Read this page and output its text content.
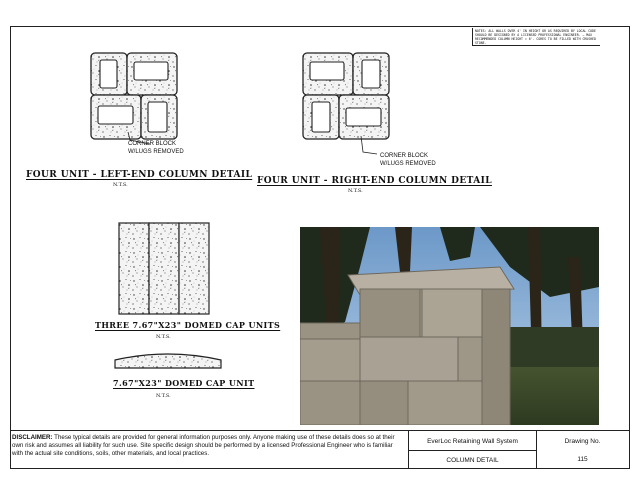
NOTES: ALL WALLS OVER 4' IN HEIGHT OR AS REQUIRED BY LOCAL CODE SHOULD BE DESIGNED BY A LICENSED PROFESSIONAL ENGINEER. — MAX RECOMMENDED COLUMN HEIGHT = 6'. CORES TO BE FILLED WITH CRUSHED STONE.
CORNER BLOCK
W/LUGS REMOVED
FOUR UNIT - LEFT-END COLUMN DETAIL
N.T.S.
CORNER BLOCK
W/LUGS REMOVED
FOUR UNIT - RIGHT-END COLUMN DETAIL
N.T.S.
THREE 7.67"X23" DOMED CAP UNITS
N.T.S.
7.67"X23" DOMED CAP UNIT
N.T.S.
DISCLAIMER: These typical details are provided for general information purposes only. Anyone making use of these details does so at their own risk and assumes all liability for such use. Site specific design should be performed by a licensed Professional Engineer who is familiar with the actual site conditions, soils, other materials, and local practices.
EverLoc Retaining Wall System
COLUMN DETAIL
Drawing No.
115
